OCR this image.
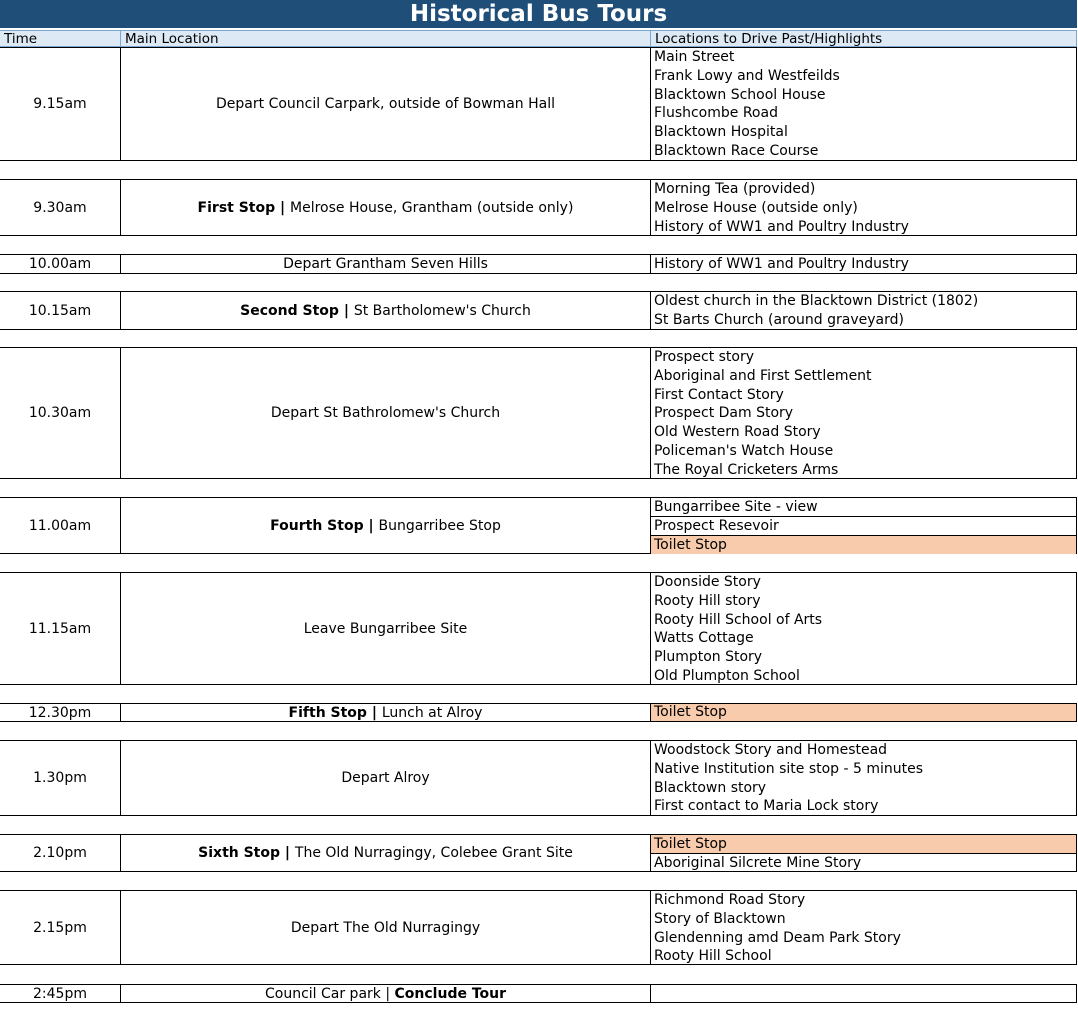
Historical Bus Tours
Time	Main Location	Locations to Drive Past/Highlights
9.15am	Depart Council Carpark, outside of Bowman Hall
Main Street
Frank Lowy and Westfeilds
Blacktown School House
Flushcombe Road
Blacktown Hospital
Blacktown Race Course
9.30am	First Stop | Melrose House, Grantham (outside only)
Morning Tea (provided)
Melrose House (outside only)
History of WW1 and Poultry Industry
10.00am	Depart Grantham Seven Hills	History of WW1 and Poultry Industry
10.15am	Second Stop | St Bartholomew's Church
Oldest church in the Blacktown District (1802)
St Barts Church (around graveyard)
10.30am	Depart St Bathrolomew's Church
Prospect story
Aboriginal and First Settlement
First Contact Story
Prospect Dam Story
Old Western Road Story
Policeman's Watch House
The Royal Cricketers Arms
11.00am	Fourth Stop | Bungarribee Stop
Bungarribee Site - view
Prospect Resevoir
Toilet Stop
11.15am	Leave Bungarribee Site
Doonside Story
Rooty Hill story
Rooty Hill School of Arts
Watts Cottage
Plumpton Story
Old Plumpton School
12.30pm	Fifth Stop | Lunch at Alroy	Toilet Stop
1.30pm	Depart Alroy
Woodstock Story and Homestead
Native Institution site stop - 5 minutes
Blacktown story
First contact to Maria Lock story
2.10pm	Sixth Stop | The Old Nurragingy, Colebee Grant Site
Toilet Stop
Aboriginal Silcrete Mine Story
2.15pm	Depart The Old Nurragingy
Richmond Road Story
Story of Blacktown
Glendenning amd Deam Park Story
Rooty Hill School
2:45pm	Council Car park | Conclude Tour
